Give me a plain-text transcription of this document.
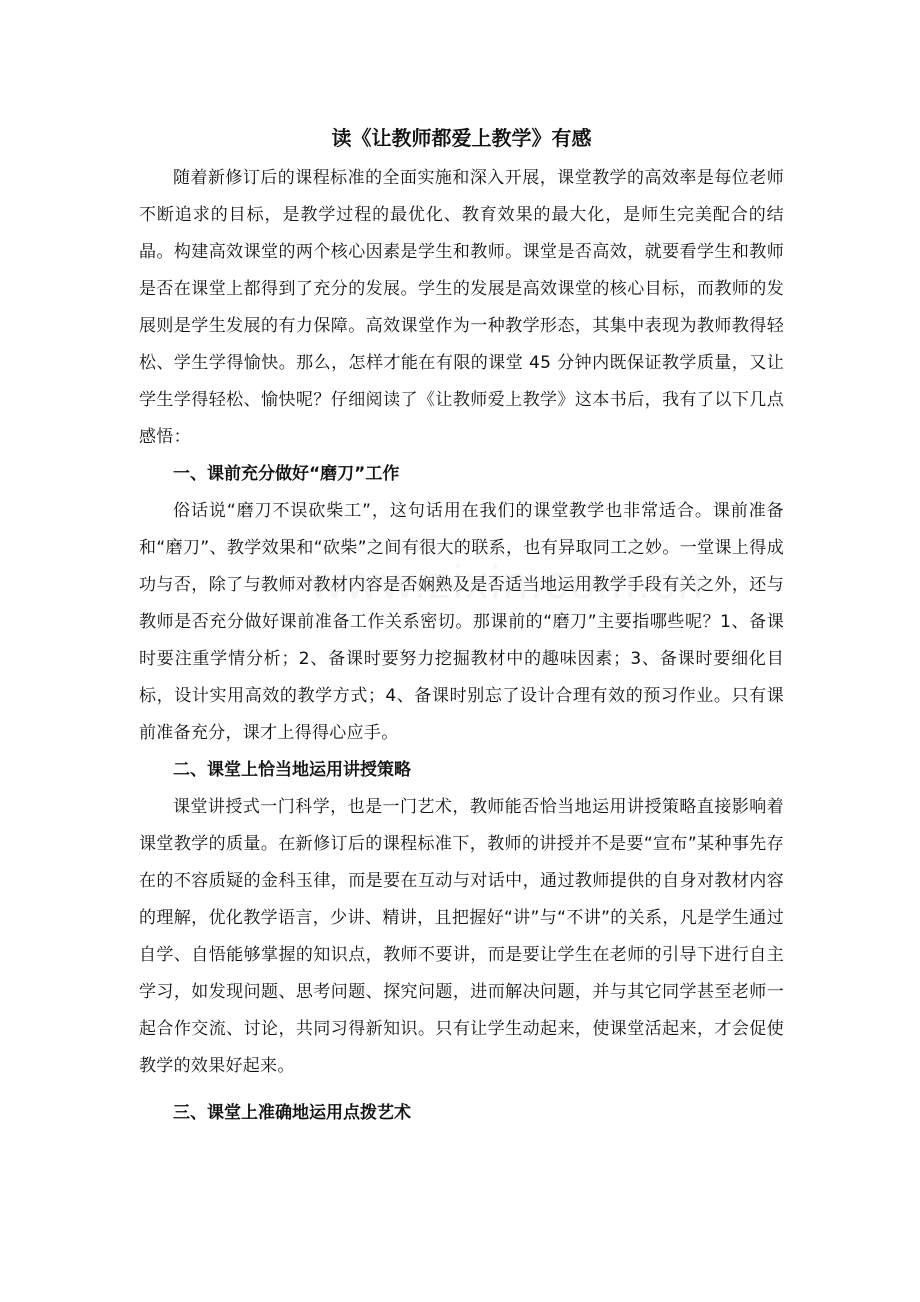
读《让教师都爱上教学》有感

随着新修订后的课程标准的全面实施和深入开展，课堂教学的高效率是每位老师不断追求的目标，是教学过程的最优化、教育效果的最大化，是师生完美配合的结晶。构建高效课堂的两个核心因素是学生和教师。课堂是否高效，就要看学生和教师是否在课堂上都得到了充分的发展。学生的发展是高效课堂的核心目标，而教师的发展则是学生发展的有力保障。高效课堂作为一种教学形态，其集中表现为教师教得轻松、学生学得愉快。那么，怎样才能在有限的课堂 45 分钟内既保证教学质量，又让学生学得轻松、愉快呢？仔细阅读了《让教师爱上教学》这本书后，我有了以下几点感悟：

一、课前充分做好“磨刀”工作

俗话说“磨刀不误砍柴工”，这句话用在我们的课堂教学也非常适合。课前准备和“磨刀”、教学效果和“砍柴”之间有很大的联系，也有异取同工之妙。一堂课上得成功与否，除了与教师对教材内容是否娴熟及是否适当地运用教学手段有关之外，还与教师是否充分做好课前准备工作关系密切。那课前的“磨刀”主要指哪些呢？1、备课时要注重学情分析；2、备课时要努力挖掘教材中的趣味因素；3、备课时要细化目标，设计实用高效的教学方式；4、备课时别忘了设计合理有效的预习作业。只有课前准备充分，课才上得得心应手。

二、课堂上恰当地运用讲授策略

课堂讲授式一门科学，也是一门艺术，教师能否恰当地运用讲授策略直接影响着课堂教学的质量。在新修订后的课程标准下，教师的讲授并不是要“宣布”某种事先存在的不容质疑的金科玉律，而是要在互动与对话中，通过教师提供的自身对教材内容的理解，优化教学语言，少讲、精讲，且把握好“讲”与“不讲”的关系，凡是学生通过自学、自悟能够掌握的知识点，教师不要讲，而是要让学生在老师的引导下进行自主学习，如发现问题、思考问题、探究问题，进而解决问题，并与其它同学甚至老师一起合作交流、讨论，共同习得新知识。只有让学生动起来，使课堂活起来，才会促使教学的效果好起来。

三、课堂上准确地运用点拨艺术
